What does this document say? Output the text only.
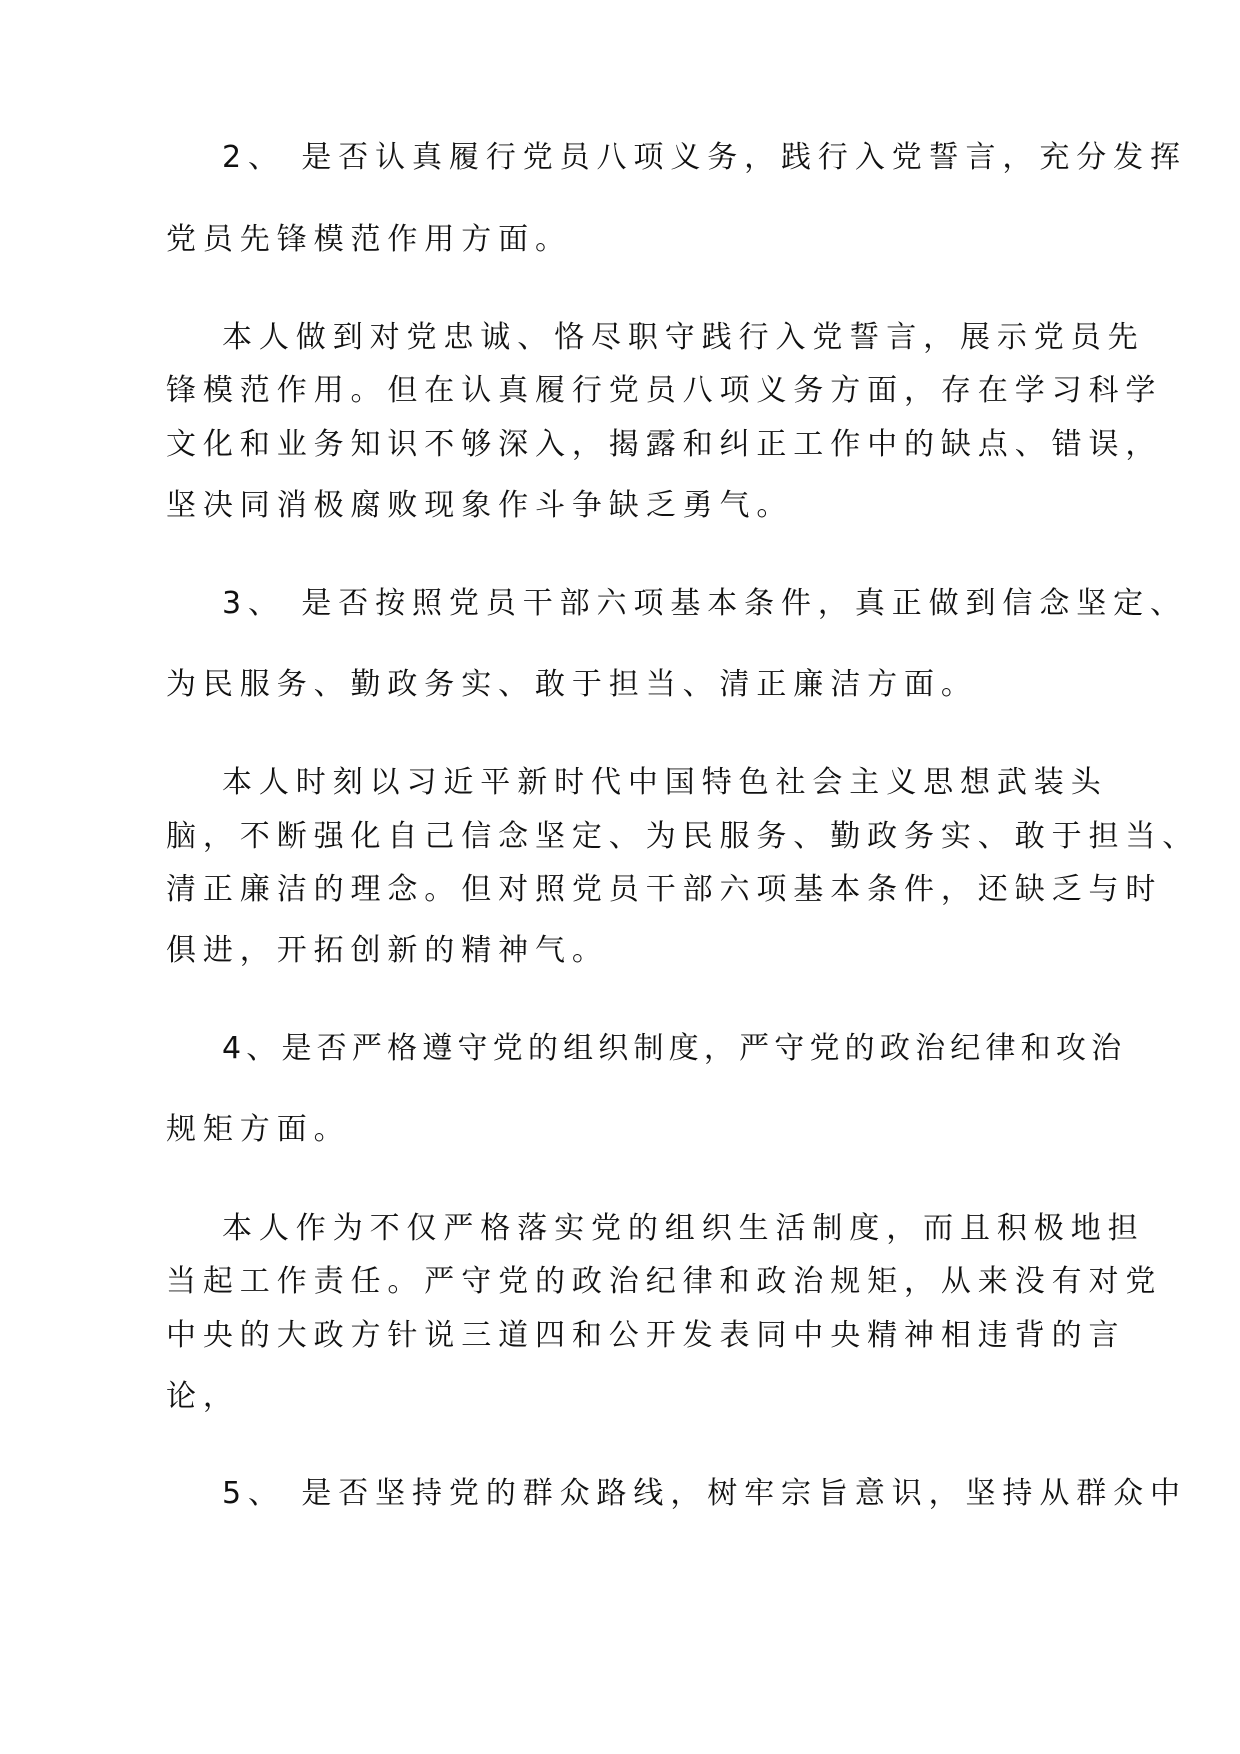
2、 是否认真履行党员八项义务，践行入党誓言，充分发挥
党员先锋模范作用方面。
本人做到对党忠诚、恪尽职守践行入党誓言，展示党员先
锋模范作用。但在认真履行党员八项义务方面，存在学习科学
文化和业务知识不够深入，揭露和纠正工作中的缺点、错误，
坚决同消极腐败现象作斗争缺乏勇气。
3、 是否按照党员干部六项基本条件，真正做到信念坚定、
为民服务、勤政务实、敢于担当、清正廉洁方面。
本人时刻以习近平新时代中国特色社会主义思想武装头
脑，不断强化自己信念坚定、为民服务、勤政务实、敢于担当、
清正廉洁的理念。但对照党员干部六项基本条件，还缺乏与时
俱进，开拓创新的精神气。
4、是否严格遵守党的组织制度，严守党的政治纪律和攻治
规矩方面。
本人作为不仅严格落实党的组织生活制度，而且积极地担
当起工作责任。严守党的政治纪律和政治规矩，从来没有对党
中央的大政方针说三道四和公开发表同中央精神相违背的言
论，
5、 是否坚持党的群众路线，树牢宗旨意识，坚持从群众中
